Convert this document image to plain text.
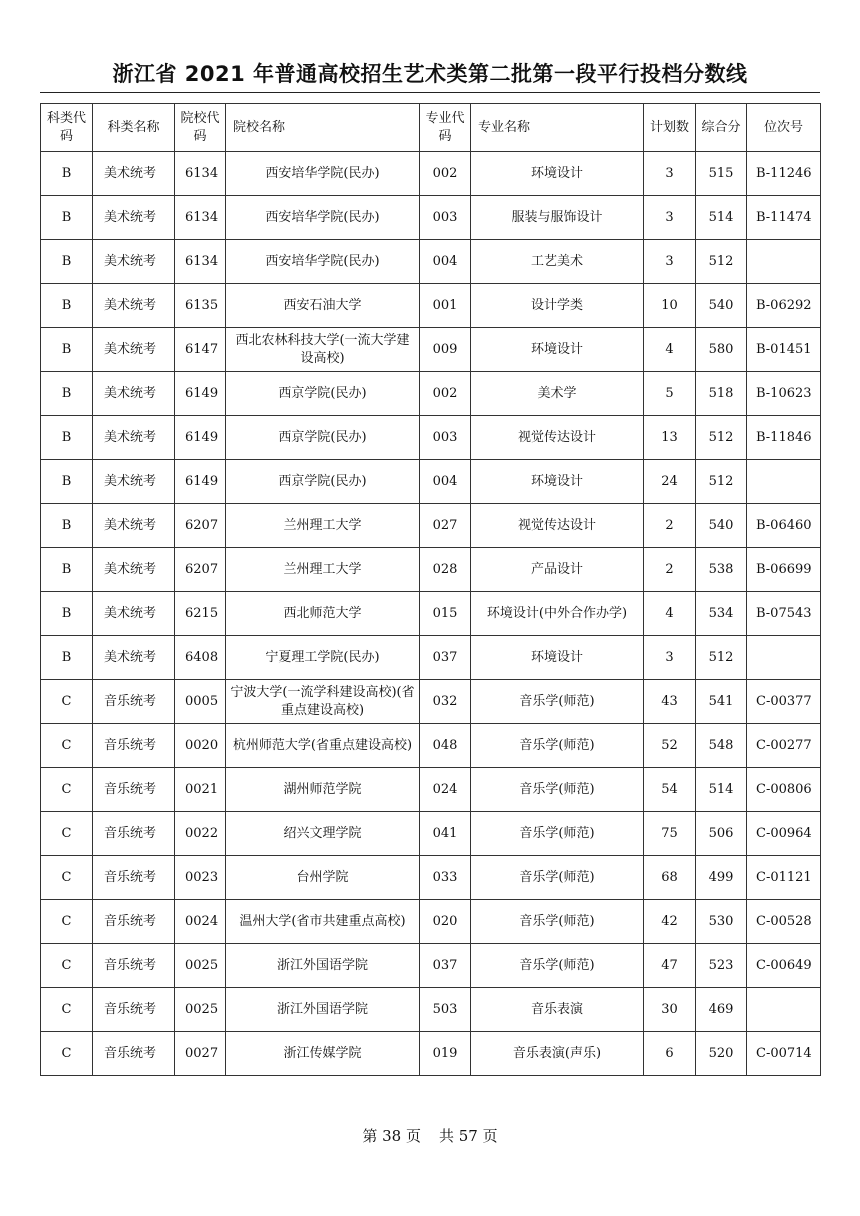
浙江省 2021 年普通高校招生艺术类第二批第一段平行投档分数线
科类代码	科类名称	院校代码	院校名称	专业代码	专业名称	计划数	综合分	位次号
B	美术统考	6134	西安培华学院(民办)	002	环境设计	3	515	B-11246
B	美术统考	6134	西安培华学院(民办)	003	服装与服饰设计	3	514	B-11474
B	美术统考	6134	西安培华学院(民办)	004	工艺美术	3	512	
B	美术统考	6135	西安石油大学	001	设计学类	10	540	B-06292
B	美术统考	6147	西北农林科技大学(一流大学建设高校)	009	环境设计	4	580	B-01451
B	美术统考	6149	西京学院(民办)	002	美术学	5	518	B-10623
B	美术统考	6149	西京学院(民办)	003	视觉传达设计	13	512	B-11846
B	美术统考	6149	西京学院(民办)	004	环境设计	24	512	
B	美术统考	6207	兰州理工大学	027	视觉传达设计	2	540	B-06460
B	美术统考	6207	兰州理工大学	028	产品设计	2	538	B-06699
B	美术统考	6215	西北师范大学	015	环境设计(中外合作办学)	4	534	B-07543
B	美术统考	6408	宁夏理工学院(民办)	037	环境设计	3	512	
C	音乐统考	0005	宁波大学(一流学科建设高校)(省重点建设高校)	032	音乐学(师范)	43	541	C-00377
C	音乐统考	0020	杭州师范大学(省重点建设高校)	048	音乐学(师范)	52	548	C-00277
C	音乐统考	0021	湖州师范学院	024	音乐学(师范)	54	514	C-00806
C	音乐统考	0022	绍兴文理学院	041	音乐学(师范)	75	506	C-00964
C	音乐统考	0023	台州学院	033	音乐学(师范)	68	499	C-01121
C	音乐统考	0024	温州大学(省市共建重点高校)	020	音乐学(师范)	42	530	C-00528
C	音乐统考	0025	浙江外国语学院	037	音乐学(师范)	47	523	C-00649
C	音乐统考	0025	浙江外国语学院	503	音乐表演	30	469	
C	音乐统考	0027	浙江传媒学院	019	音乐表演(声乐)	6	520	C-00714
第 38 页 共 57 页
